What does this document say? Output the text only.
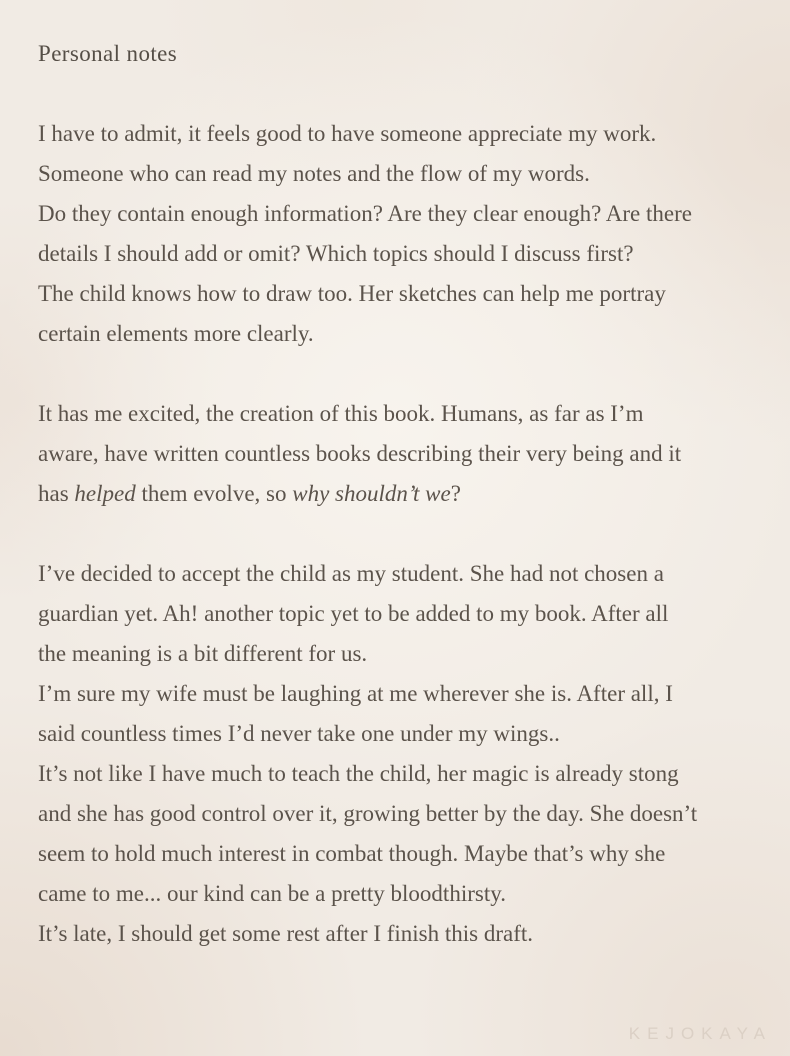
Personal notes

I have to admit, it feels good to have someone appreciate my work.
Someone who can read my notes and the flow of my words.
Do they contain enough information? Are they clear enough? Are there
details I should add or omit? Which topics should I discuss first?
The child knows how to draw too. Her sketches can help me portray
certain elements more clearly.

It has me excited, the creation of this book. Humans, as far as I’m
aware, have written countless books describing their very being and it
has helped them evolve, so why shouldn’t we?

I’ve decided to accept the child as my student. She had not chosen a
guardian yet. Ah! another topic yet to be added to my book. After all
the meaning is a bit different for us.
I’m sure my wife must be laughing at me wherever she is. After all, I
said countless times I’d never take one under my wings..
It’s not like I have much to teach the child, her magic is already stong
and she has good control over it, growing better by the day. She doesn’t
seem to hold much interest in combat though. Maybe that’s why she
came to me... our kind can be a pretty bloodthirsty.
It’s late, I should get some rest after I finish this draft.

KEJOKAYA
